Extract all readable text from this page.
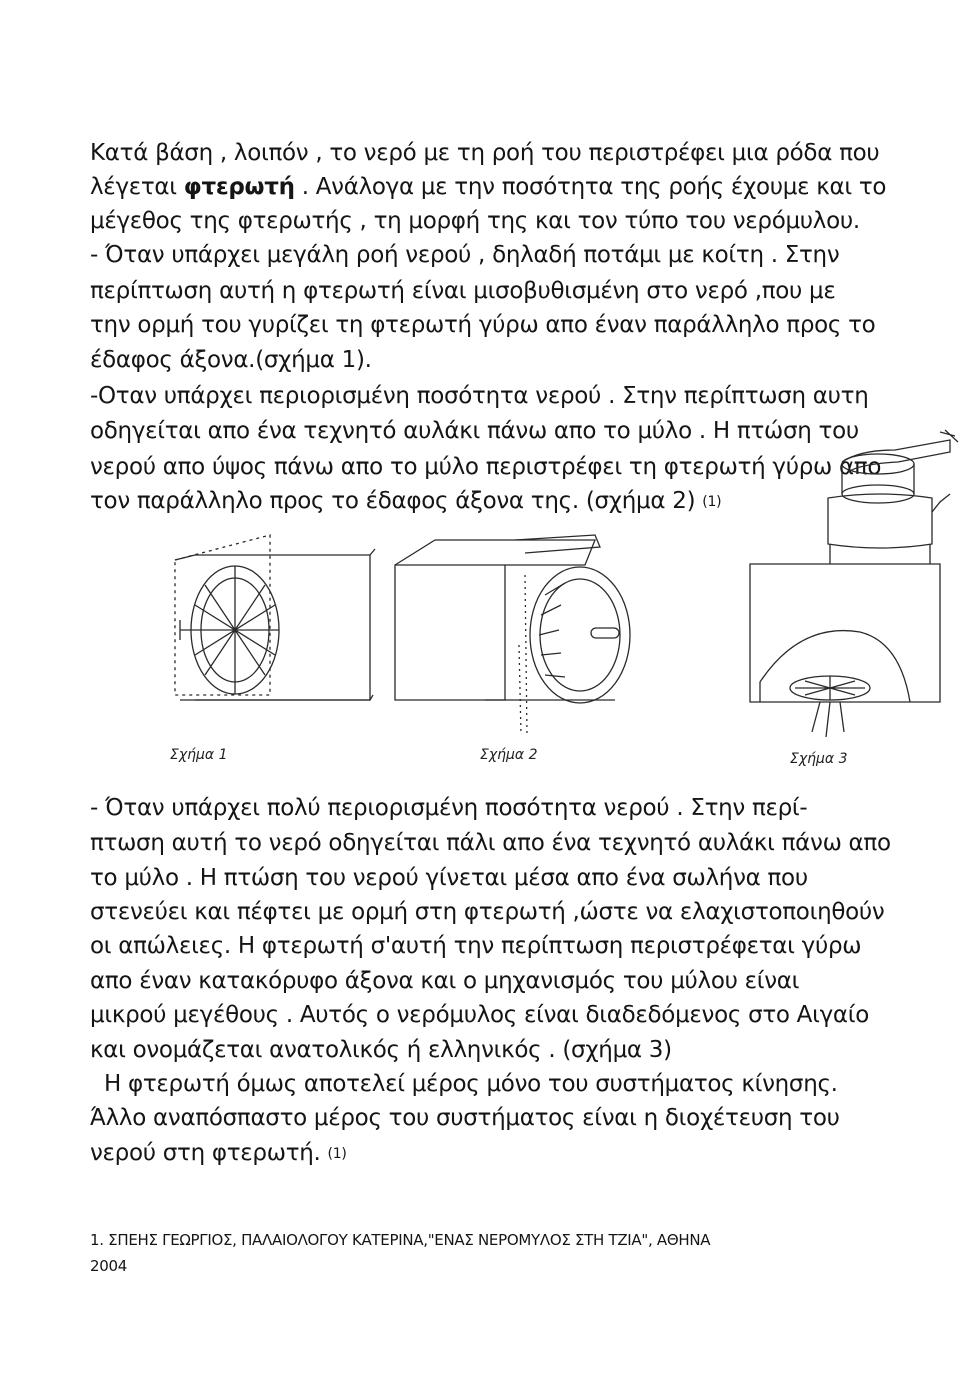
Κατά βάση , λοιπόν , το νερό με τη ροή του περιστρέφει μια ρόδα που
λέγεται φτερωτή . Ανάλογα με την ποσότητα της ροής έχουμε και το
μέγεθος της φτερωτής , τη μορφή της και τον τύπο του νερόμυλου.
- Όταν υπάρχει μεγάλη ροή νερού , δηλαδή ποτάμι με κοίτη . Στην
περίπτωση αυτή η φτερωτή είναι μισοβυθισμένη στο νερό ,που με
την ορμή του γυρίζει τη φτερωτή γύρω απο έναν παράλληλο προς το
έδαφος άξονα.(σχήμα 1).
-Οταν υπάρχει περιορισμένη ποσότητα νερού . Στην περίπτωση αυτη
οδηγείται απο ένα τεχνητό αυλάκι πάνω απο το μύλο . Η πτώση του
νερού απο ύψος πάνω απο το μύλο περιστρέφει τη φτερωτή γύρω απο
τον παράλληλο προς το έδαφος άξονα της. (σχήμα 2) (1)
Σχήμα 1	Σχήμα 2	Σχήμα 3
- Όταν υπάρχει πολύ περιορισμένη ποσότητα νερού . Στην περί-
πτωση αυτή το νερό οδηγείται πάλι απο ένα τεχνητό αυλάκι πάνω απο
το μύλο . Η πτώση του νερού γίνεται μέσα απο ένα σωλήνα που
στενεύει και πέφτει με ορμή στη φτερωτή ,ώστε να ελαχιστοποιηθούν
οι απώλειες. Η φτερωτή σ'αυτή την περίπτωση περιστρέφεται γύρω
απο έναν κατακόρυφο άξονα και ο μηχανισμός του μύλου είναι
μικρού μεγέθους . Αυτός ο νερόμυλος είναι διαδεδόμενος στο Αιγαίο
και ονομάζεται ανατολικός ή ελληνικός . (σχήμα 3)
Η φτερωτή όμως αποτελεί μέρος μόνο του συστήματος κίνησης.
Άλλο αναπόσπαστο μέρος του συστήματος είναι η διοχέτευση του
νερού στη φτερωτή. (1)
1. ΣΠΕΗΣ ΓΕΩΡΓΙΟΣ, ΠΑΛΑΙΟΛΟΓΟΥ ΚΑΤΕΡΙΝΑ,"ΕΝΑΣ ΝΕΡΟΜΥΛΟΣ ΣΤΗ ΤΖΙΑ", ΑΘΗΝΑ
2004
